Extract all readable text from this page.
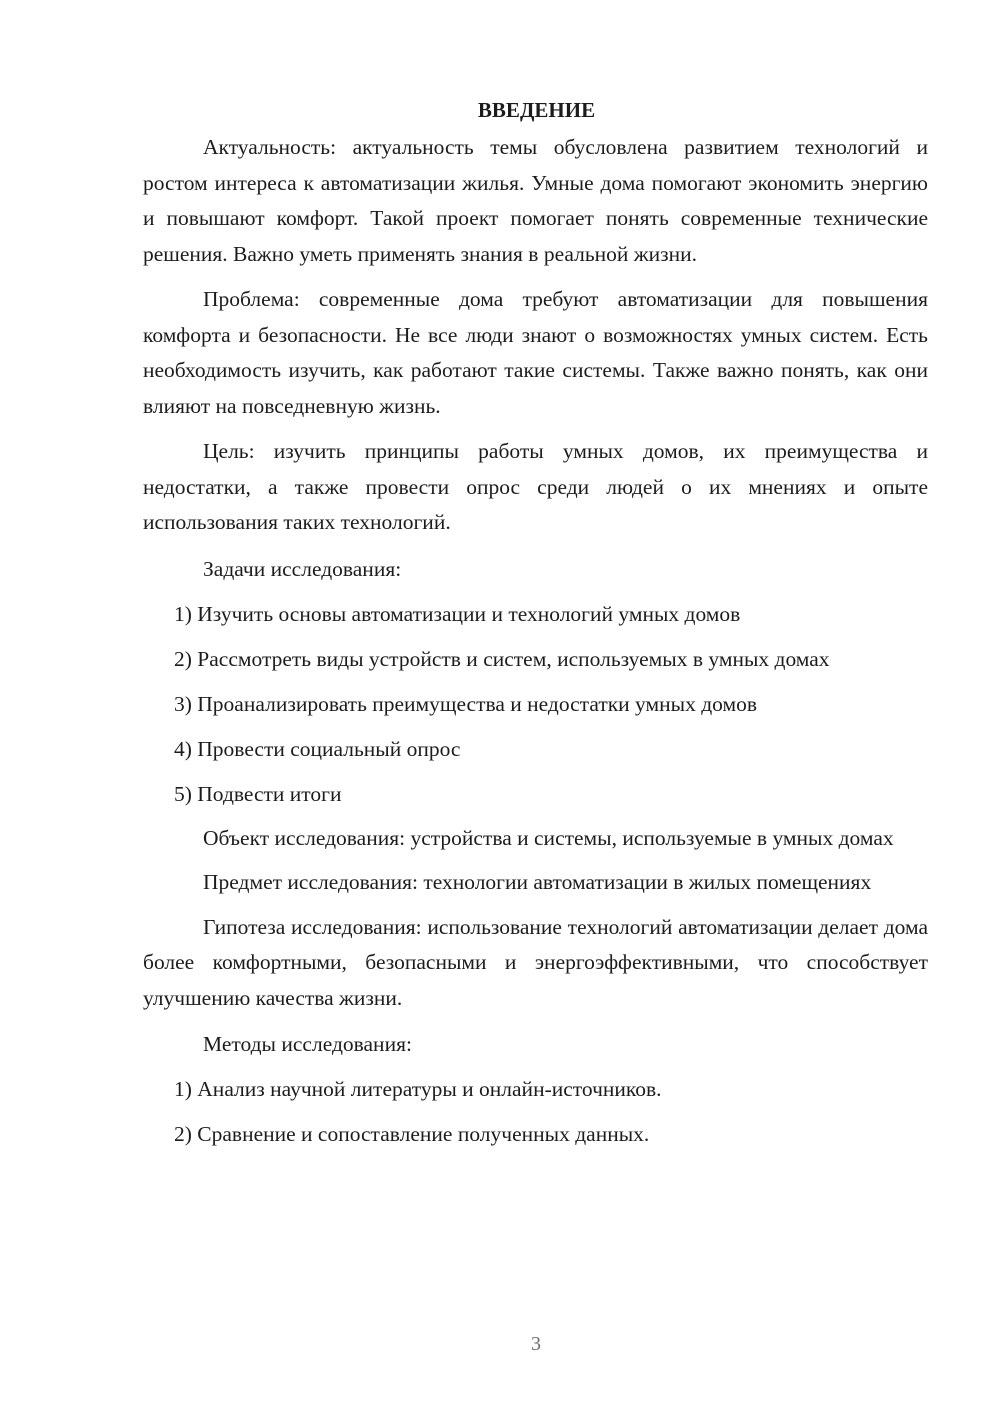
ВВЕДЕНИЕ

Актуальность: актуальность темы обусловлена развитием технологий и ростом интереса к автоматизации жилья. Умные дома помогают экономить энергию и повышают комфорт. Такой проект помогает понять современные технические решения. Важно уметь применять знания в реальной жизни.

Проблема: современные дома требуют автоматизации для повышения комфорта и безопасности. Не все люди знают о возможностях умных систем. Есть необходимость изучить, как работают такие системы. Также важно понять, как они влияют на повседневную жизнь.

Цель: изучить принципы работы умных домов, их преимущества и недостатки, а также провести опрос среди людей о их мнениях и опыте использования таких технологий.

Задачи исследования:
1) Изучить основы автоматизации и технологий умных домов
2) Рассмотреть виды устройств и систем, используемых в умных домах
3) Проанализировать преимущества и недостатки умных домов
4) Провести социальный опрос
5) Подвести итоги

Объект исследования: устройства и системы, используемые в умных домах

Предмет исследования: технологии автоматизации в жилых помещениях

Гипотеза исследования: использование технологий автоматизации делает дома более комфортными, безопасными и энергоэффективными, что способствует улучшению качества жизни.

Методы исследования:
1) Анализ научной литературы и онлайн-источников.
2) Сравнение и сопоставление полученных данных.
3
